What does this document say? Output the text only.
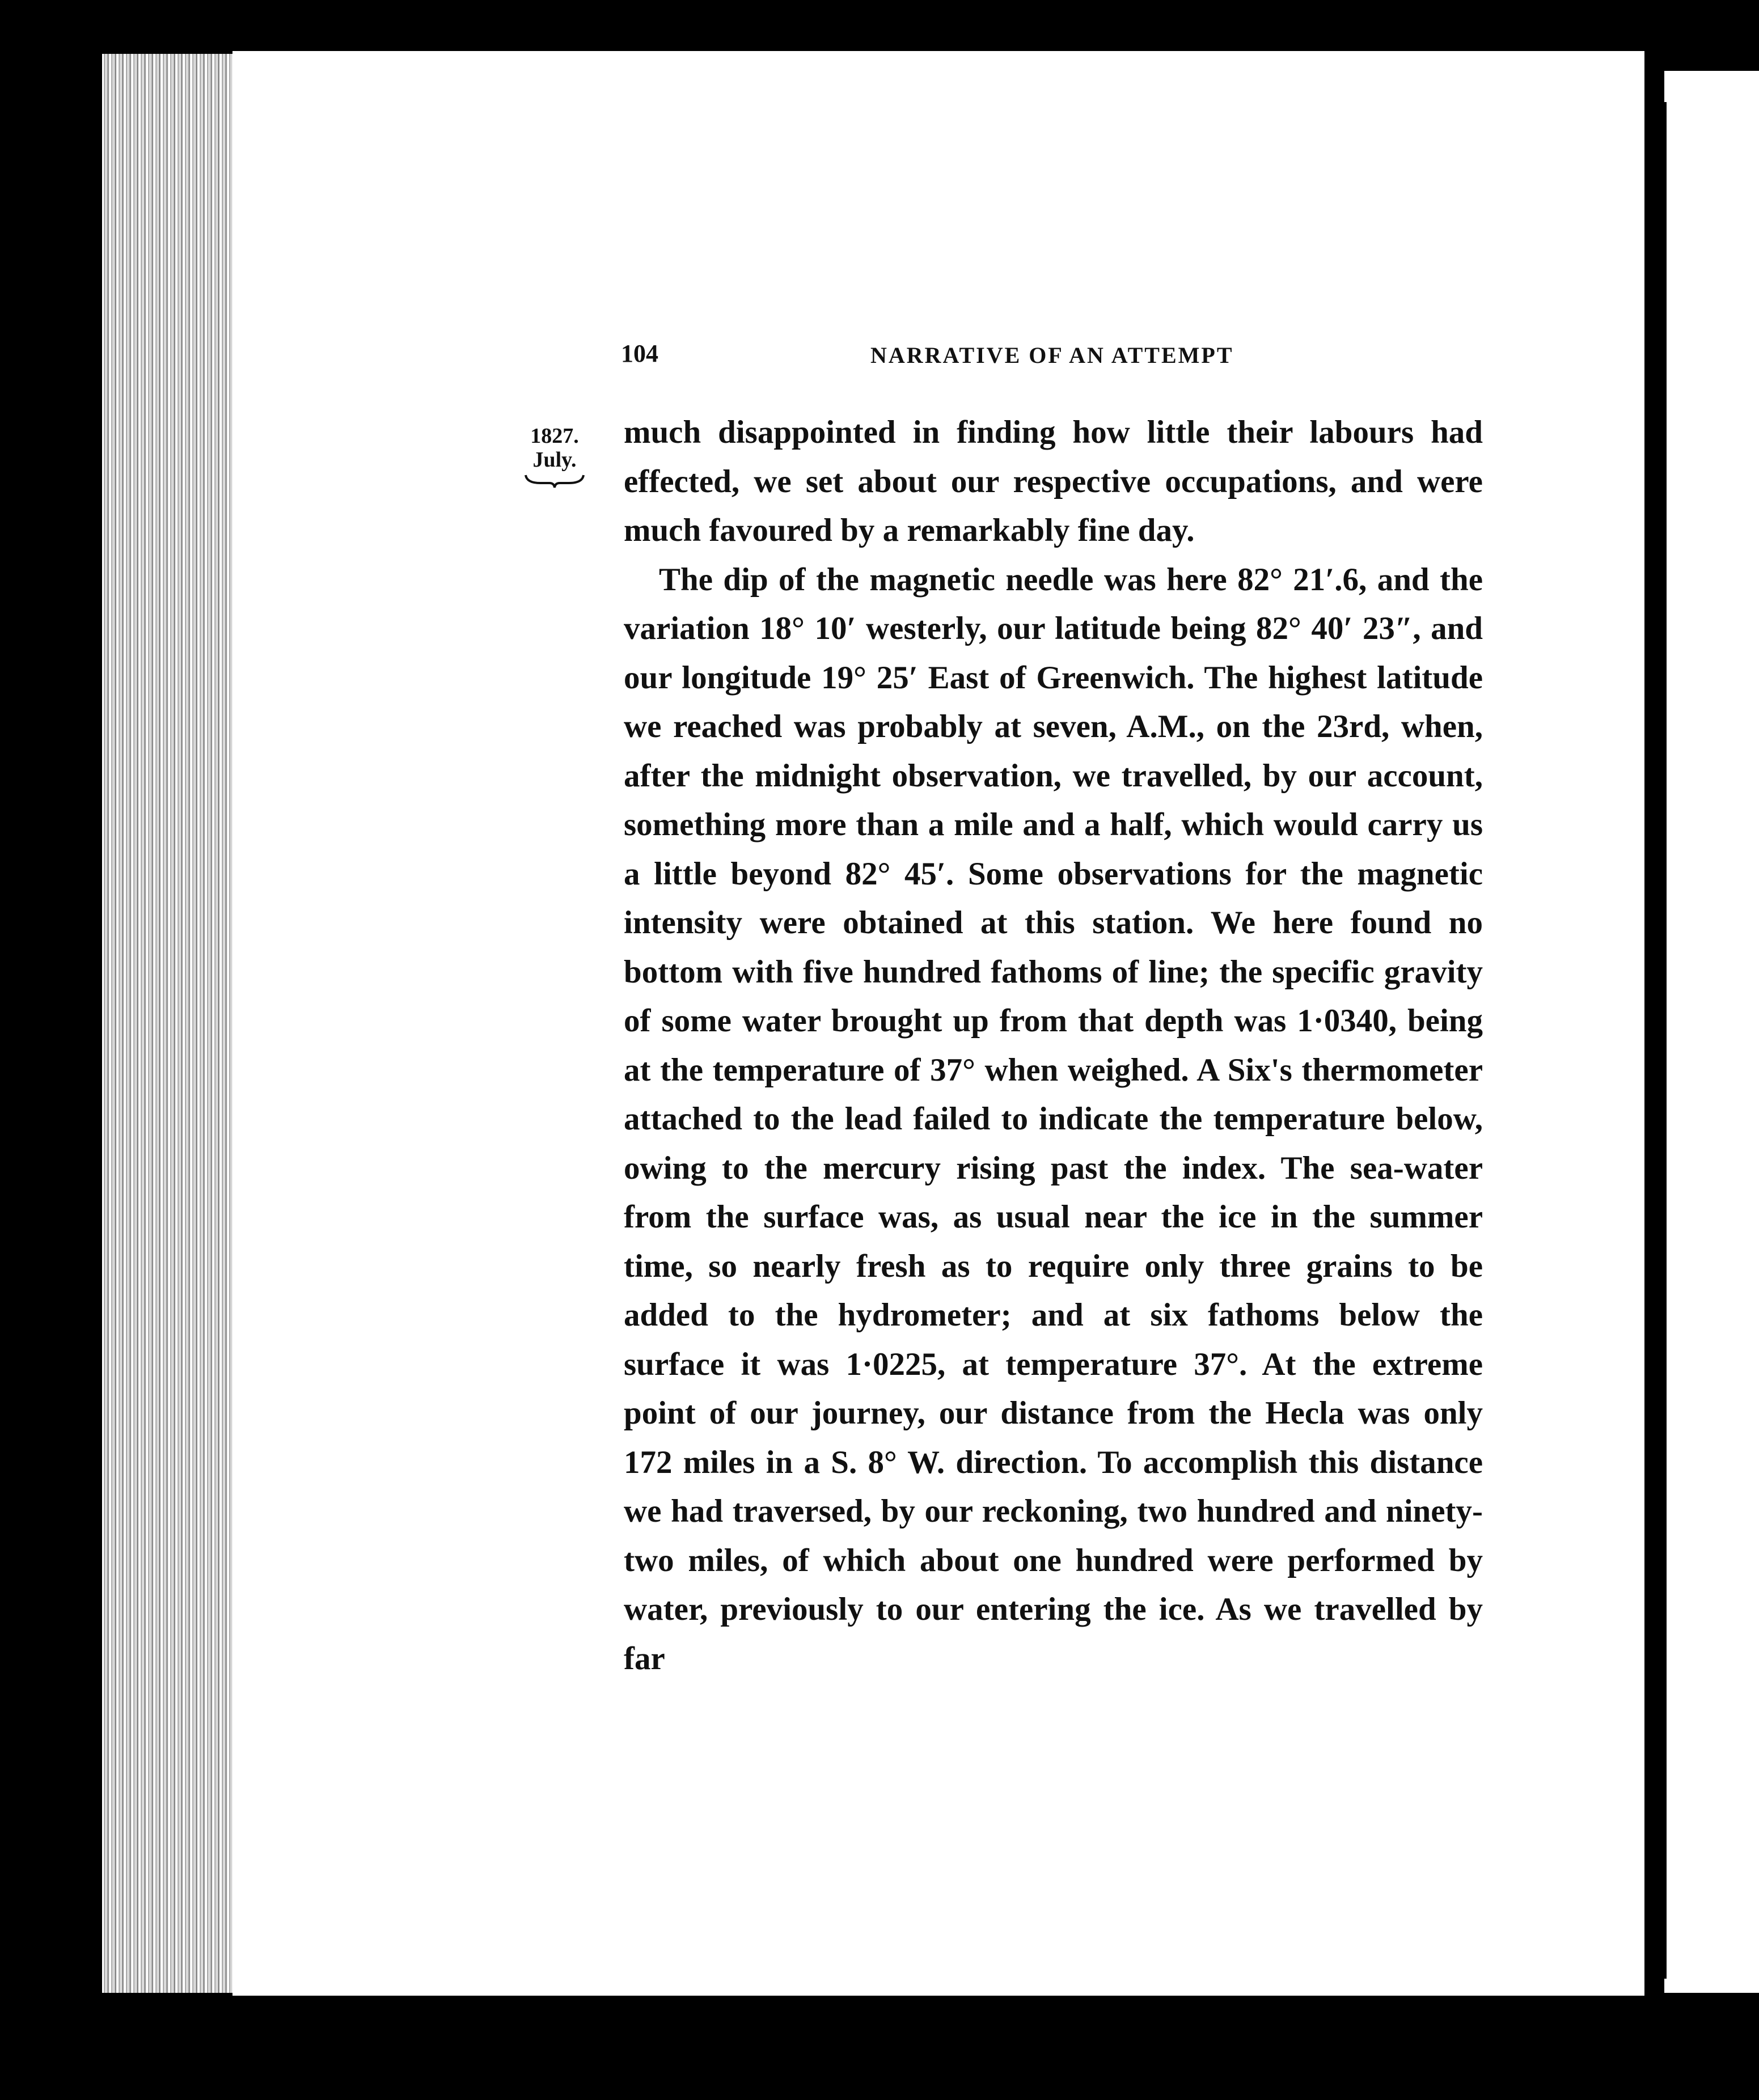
104	NARRATIVE OF AN ATTEMPT
1827.
July.

much disappointed in finding how little their labours had effected, we set about our respective occupations, and were much favoured by a remarkably fine day.

The dip of the magnetic needle was here 82° 21′.6, and the variation 18° 10′ westerly, our latitude being 82° 40′ 23″, and our longitude 19° 25′ East of Greenwich. The highest latitude we reached was probably at seven, A.M., on the 23rd, when, after the midnight observation, we travelled, by our account, something more than a mile and a half, which would carry us a little beyond 82° 45′. Some observations for the magnetic intensity were obtained at this station. We here found no bottom with five hundred fathoms of line; the specific gravity of some water brought up from that depth was 1·0340, being at the temperature of 37° when weighed. A Six's thermometer attached to the lead failed to indicate the temperature below, owing to the mercury rising past the index. The sea-water from the surface was, as usual near the ice in the summer time, so nearly fresh as to require only three grains to be added to the hydrometer; and at six fathoms below the surface it was 1·0225, at temperature 37°. At the extreme point of our journey, our distance from the Hecla was only 172 miles in a S. 8° W. direction. To accomplish this distance we had traversed, by our reckoning, two hundred and ninety-two miles, of which about one hundred were performed by water, previously to our entering the ice. As we travelled by far
